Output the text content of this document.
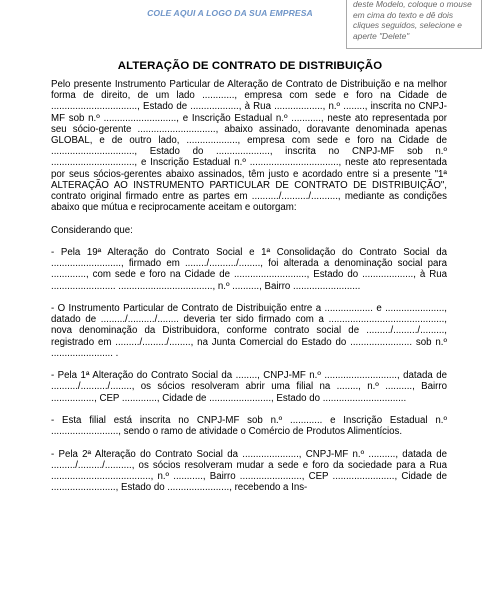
COLE AQUI A LOGO DA SUA EMPRESA
deste Modelo, coloque o mouse em cima do texto e dê dois cliques seguidos, selecione e aperte "Delete"
ALTERAÇÃO DE CONTRATO DE DISTRIBUIÇÃO

Pelo presente Instrumento Particular de Alteração de Contrato de Distribuição e na melhor forma de direito, de um lado ............, empresa com sede e foro na Cidade de ................................, Estado de .................., à Rua .................., n.º ........, inscrita no CNPJ-MF sob n.º ..........................., e Inscrição Estadual n.º ..........., neste ato representada por seu sócio-gerente ............................., abaixo assinado, doravante denominada apenas GLOBAL, e de outro lado, ..................., empresa com sede e foro na Cidade de ..............................., Estado do ...................., inscrita no CNPJ-MF sob n.º ..............................., e Inscrição Estadual n.º ................................., neste ato representada por seus sócios-gerentes abaixo assinados, têm justo e acordado entre si a presente "1ª ALTERAÇÃO AO INSTRUMENTO PARTICULAR DE CONTRATO DE DISTRIBUIÇÃO", contrato original firmado entre as partes em ........../........../.........., mediante as condições abaixo que mútua e reciprocamente aceitam e outorgam:

Considerando que:

- Pela 19ª Alteração do Contrato Social e 1ª Consolidação do Contrato Social da .........................., firmado em ......../........../........, foi alterada a denominação social para ............., com sede e foro na Cidade de ..........................., Estado do ..................., à Rua ........................ ..................................., n.º .........., Bairro .........................

- O Instrumento Particular de Contrato de Distribuição entre a .................. e ......................, datado de ........./........../........ deveria ter sido firmado com a ..........................................., nova denominação da Distribuidora, conforme contrato social de ........./........./........., registrado em ........./........./........, na Junta Comercial do Estado do ....................... sob n.º ....................... .

- Pela 1ª Alteração do Contrato Social da ........, CNPJ-MF n.º ..........................., datada de ........../........../........, os sócios resolveram abrir uma filial na ........, n.º .........., Bairro ................, CEP ............., Cidade de ......................., Estado do ...............................

- Esta filial está inscrita no CNPJ-MF sob n.º ............ e Inscrição Estadual n.º ........................., sendo o ramo de atividade o Comércio de Produtos Alimentícios.

- Pela 2ª Alteração do Contrato Social da ....................., CNPJ-MF n.º .........., datada de ........./........./.........., os sócios resolveram mudar a sede e foro da sociedade para a Rua ....................................., n.º ..........., Bairro ......................., CEP ......................., Cidade de ........................, Estado do ......................., recebendo a Ins-
